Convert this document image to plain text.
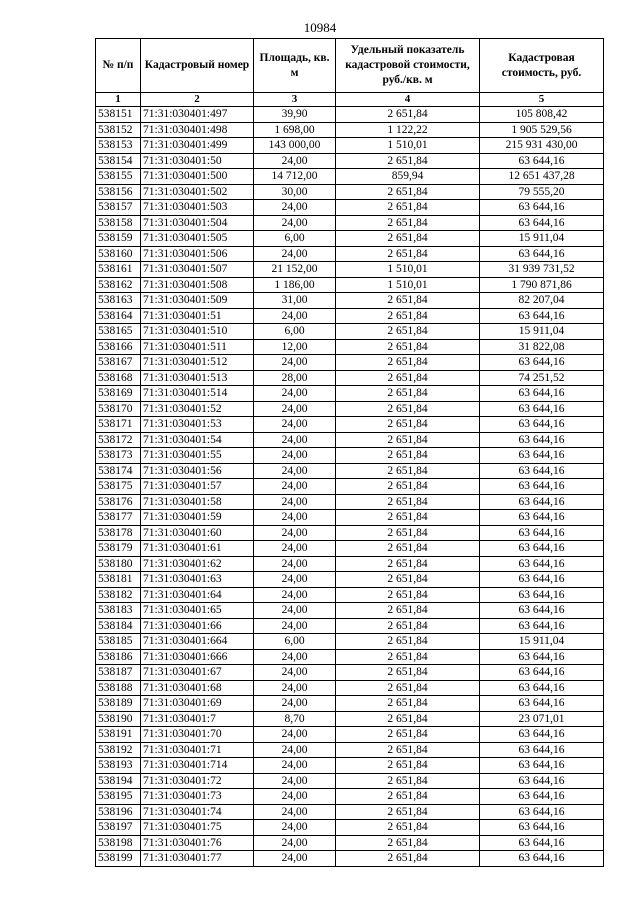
10984
№ п/п	Кадастровый номер	Площадь, кв. м	Удельный показатель кадастровой стоимости, руб./кв. м	Кадастровая стоимость, руб.
1	2	3	4	5
538151	71:31:030401:497	39,90	2 651,84	105 808,42
538152	71:31:030401:498	1 698,00	1 122,22	1 905 529,56
538153	71:31:030401:499	143 000,00	1 510,01	215 931 430,00
538154	71:31:030401:50	24,00	2 651,84	63 644,16
538155	71:31:030401:500	14 712,00	859,94	12 651 437,28
538156	71:31:030401:502	30,00	2 651,84	79 555,20
538157	71:31:030401:503	24,00	2 651,84	63 644,16
538158	71:31:030401:504	24,00	2 651,84	63 644,16
538159	71:31:030401:505	6,00	2 651,84	15 911,04
538160	71:31:030401:506	24,00	2 651,84	63 644,16
538161	71:31:030401:507	21 152,00	1 510,01	31 939 731,52
538162	71:31:030401:508	1 186,00	1 510,01	1 790 871,86
538163	71:31:030401:509	31,00	2 651,84	82 207,04
538164	71:31:030401:51	24,00	2 651,84	63 644,16
538165	71:31:030401:510	6,00	2 651,84	15 911,04
538166	71:31:030401:511	12,00	2 651,84	31 822,08
538167	71:31:030401:512	24,00	2 651,84	63 644,16
538168	71:31:030401:513	28,00	2 651,84	74 251,52
538169	71:31:030401:514	24,00	2 651,84	63 644,16
538170	71:31:030401:52	24,00	2 651,84	63 644,16
538171	71:31:030401:53	24,00	2 651,84	63 644,16
538172	71:31:030401:54	24,00	2 651,84	63 644,16
538173	71:31:030401:55	24,00	2 651,84	63 644,16
538174	71:31:030401:56	24,00	2 651,84	63 644,16
538175	71:31:030401:57	24,00	2 651,84	63 644,16
538176	71:31:030401:58	24,00	2 651,84	63 644,16
538177	71:31:030401:59	24,00	2 651,84	63 644,16
538178	71:31:030401:60	24,00	2 651,84	63 644,16
538179	71:31:030401:61	24,00	2 651,84	63 644,16
538180	71:31:030401:62	24,00	2 651,84	63 644,16
538181	71:31:030401:63	24,00	2 651,84	63 644,16
538182	71:31:030401:64	24,00	2 651,84	63 644,16
538183	71:31:030401:65	24,00	2 651,84	63 644,16
538184	71:31:030401:66	24,00	2 651,84	63 644,16
538185	71:31:030401:664	6,00	2 651,84	15 911,04
538186	71:31:030401:666	24,00	2 651,84	63 644,16
538187	71:31:030401:67	24,00	2 651,84	63 644,16
538188	71:31:030401:68	24,00	2 651,84	63 644,16
538189	71:31:030401:69	24,00	2 651,84	63 644,16
538190	71:31:030401:7	8,70	2 651,84	23 071,01
538191	71:31:030401:70	24,00	2 651,84	63 644,16
538192	71:31:030401:71	24,00	2 651,84	63 644,16
538193	71:31:030401:714	24,00	2 651,84	63 644,16
538194	71:31:030401:72	24,00	2 651,84	63 644,16
538195	71:31:030401:73	24,00	2 651,84	63 644,16
538196	71:31:030401:74	24,00	2 651,84	63 644,16
538197	71:31:030401:75	24,00	2 651,84	63 644,16
538198	71:31:030401:76	24,00	2 651,84	63 644,16
538199	71:31:030401:77	24,00	2 651,84	63 644,16
